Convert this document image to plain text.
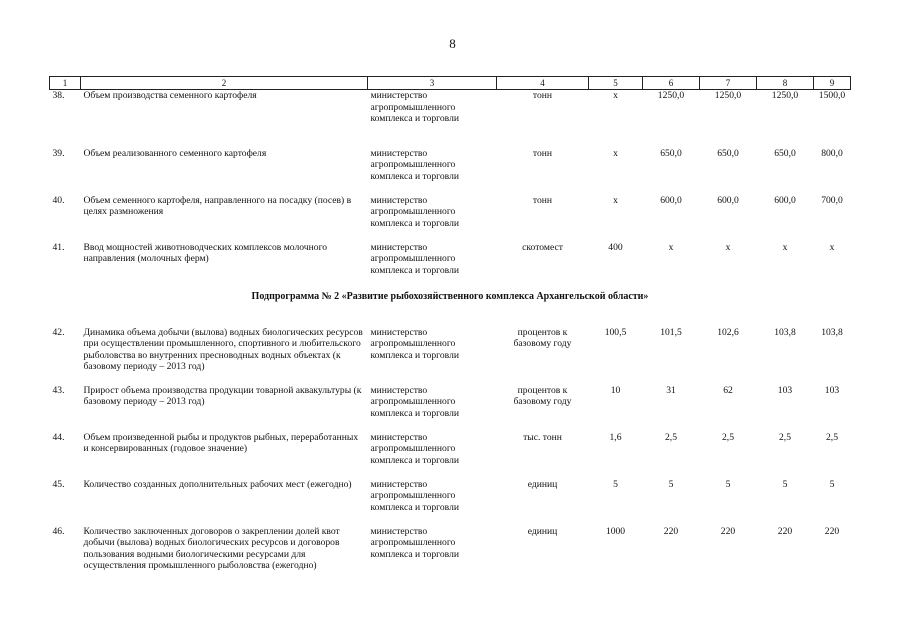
8
1	2	3	4	5	6	7	8	9
38.	Объем производства семенного картофеля	министерство агропромышленного комплекса и торговли	тонн	х	1250,0	1250,0	1250,0	1500,0
39.	Объем реализованного семенного картофеля	министерство агропромышленного комплекса и торговли	тонн	х	650,0	650,0	650,0	800,0
40.	Объем семенного картофеля, направленного на посадку (посев) в целях размножения	министерство агропромышленного комплекса и торговли	тонн	х	600,0	600,0	600,0	700,0
41.	Ввод мощностей животноводческих комплексов молочного направления (молочных ферм)	министерство агропромышленного комплекса и торговли	скотомест	400	х	х	х	х
Подпрограмма № 2 «Развитие рыбохозяйственного комплекса Архангельской области»								
42.	Динамика объема добычи (вылова) водных биологических ресурсов при осуществлении промышленного, спортивного и любительского рыболовства во внутренних пресноводных водных объектах (к базовому периоду – 2013 год)	министерство агропромышленного комплекса и торговли	процентов к базовому году	100,5	101,5	102,6	103,8	103,8
43.	Прирост объема производства продукции товарной аквакультуры (к базовому периоду – 2013 год)	министерство агропромышленного комплекса и торговли	процентов к базовому году	10	31	62	103	103
44.	Объем произведенной рыбы и продуктов рыбных, переработанных и консервированных (годовое значение)	министерство агропромышленного комплекса и торговли	тыс. тонн	1,6	2,5	2,5	2,5	2,5
45.	Количество созданных дополнительных рабочих мест (ежегодно)	министерство агропромышленного комплекса и торговли	единиц	5	5	5	5	5
46.	Количество заключенных договоров о закреплении долей квот добычи (вылова) водных биологических ресурсов и договоров пользования водными биологическими ресурсами для осуществления промышленного рыболовства (ежегодно)	министерство агропромышленного комплекса и торговли	единиц	1000	220	220	220	220
